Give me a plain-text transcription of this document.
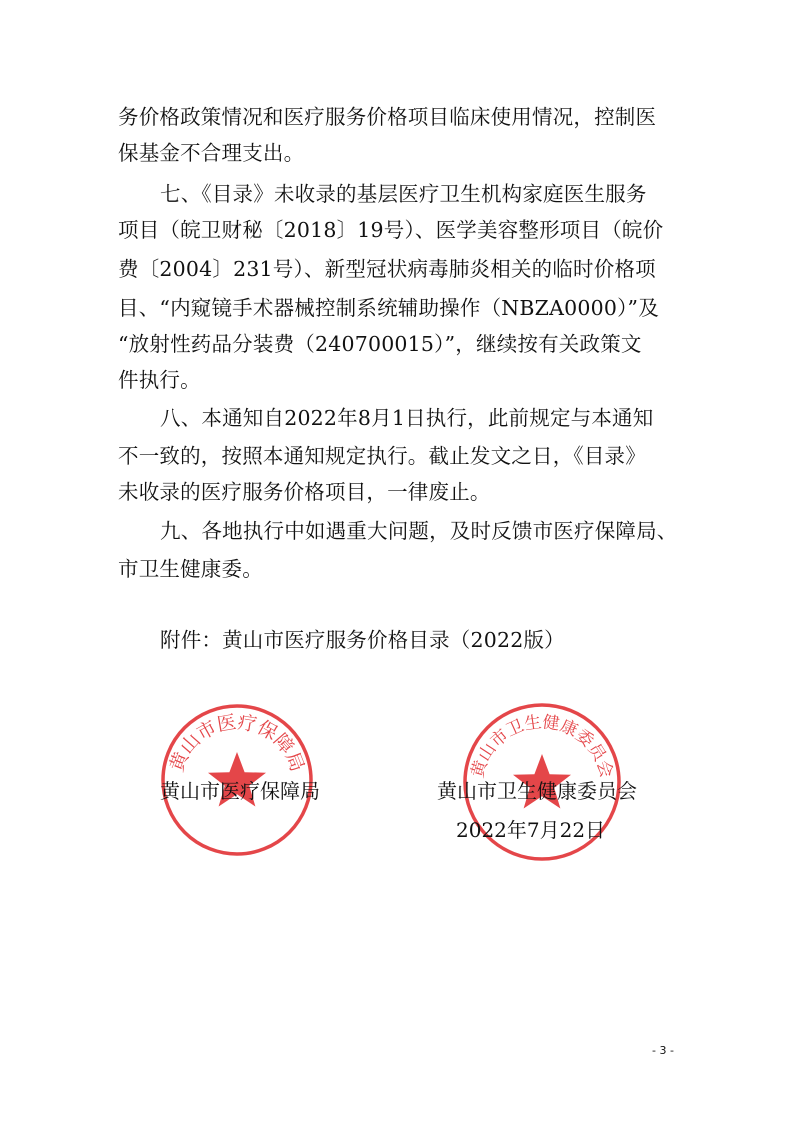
务价格政策情况和医疗服务价格项目临床使用情况，控制医
保基金不合理支出。
七、《目录》未收录的基层医疗卫生机构家庭医生服务
项目（皖卫财秘〔2018〕19号）、医学美容整形项目（皖价
费〔2004〕231号）、新型冠状病毒肺炎相关的临时价格项
目、“内窥镜手术器械控制系统辅助操作（NBZA0000）”及
“放射性药品分装费（240700015）”，继续按有关政策文
件执行。
八、本通知自2022年8月1日执行，此前规定与本通知
不一致的，按照本通知规定执行。截止发文之日，《目录》
未收录的医疗服务价格项目，一律废止。
九、各地执行中如遇重大问题，及时反馈市医疗保障局、
市卫生健康委。
附件：黄山市医疗服务价格目录（2022版）
黄山市医疗保障局	黄山市卫生健康委员会
黄山市医疗保障局	黄山市卫生健康委员会
2022年7月22日
- 3 -
